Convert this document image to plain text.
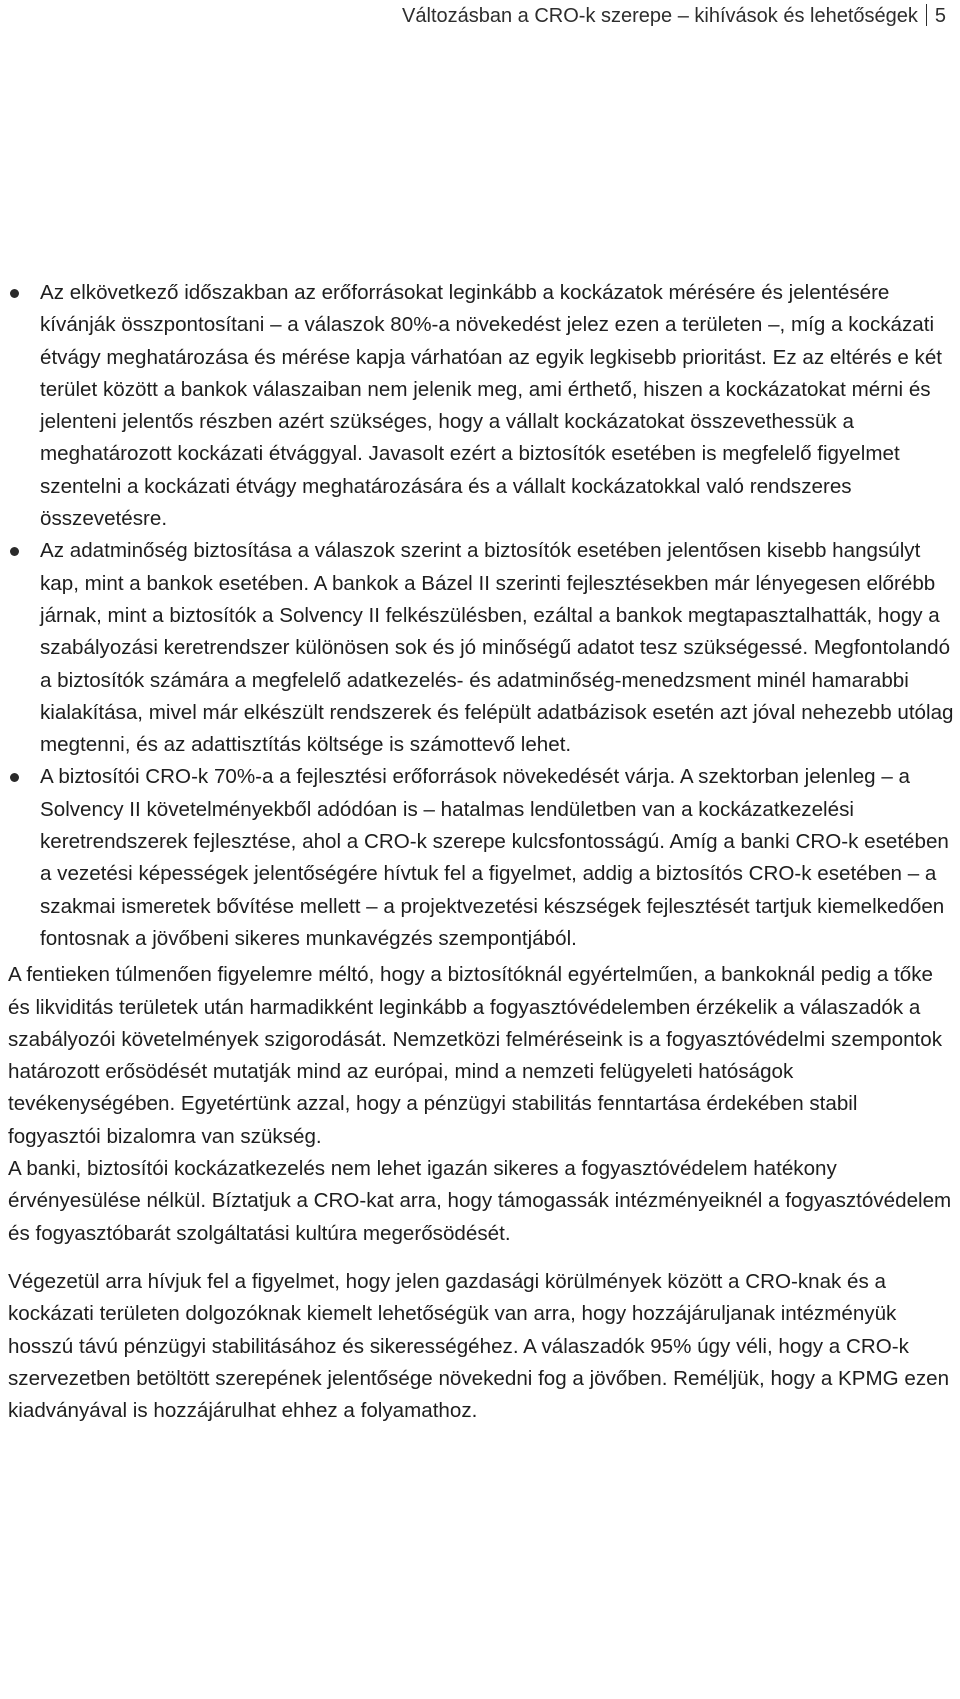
Változásban a CRO-k szerepe – kihívások és lehetőségek 5
Az elkövetkező időszakban az erőforrásokat leginkább a kockázatok mérésére és jelentésére kívánják összpontosítani – a válaszok 80%-a növekedést jelez ezen a területen –, míg a kockázati étvágy meghatározása és mérése kapja várhatóan az egyik legkisebb prioritást. Ez az eltérés e két terület között a bankok válaszaiban nem jelenik meg, ami érthető, hiszen a kockázatokat mérni és jelenteni jelentős részben azért szükséges, hogy a vállalt kockázatokat összevethessük a meghatározott kockázati étvággyal. Javasolt ezért a biztosítók esetében is megfelelő figyelmet szentelni a kockázati étvágy meghatározására és a vállalt kockázatokkal való rendszeres összevetésre.
Az adatminőség biztosítása a válaszok szerint a biztosítók esetében jelentősen kisebb hangsúlyt kap, mint a bankok esetében. A bankok a Bázel II szerinti fejlesztésekben már lényegesen előrébb járnak, mint a biztosítók a Solvency II felkészülésben, ezáltal a bankok megtapasztalhatták, hogy a szabályozási keretrendszer különösen sok és jó minőségű adatot tesz szükségessé. Megfontolandó a biztosítók számára a megfelelő adatkezelés- és adatminőség-menedzsment minél hamarabbi kialakítása, mivel már elkészült rendszerek és felépült adatbázisok esetén azt jóval nehezebb utólag megtenni, és az adattisztítás költsége is számottevő lehet.
A biztosítói CRO-k 70%-a a fejlesztési erőforrások növekedését várja. A szektorban jelenleg – a Solvency II követelményekből adódóan is – hatalmas lendületben van a kockázatkezelési keretrendszerek fejlesztése, ahol a CRO-k szerepe kulcsfontosságú. Amíg a banki CRO-k esetében a vezetési képességek jelentőségére hívtuk fel a figyelmet, addig a biztosítós CRO-k esetében – a szakmai ismeretek bővítése mellett – a projektvezetési készségek fejlesztését tartjuk kiemelkedően fontosnak a jövőbeni sikeres munkavégzés szempontjából.

A fentieken túlmenően figyelemre méltó, hogy a biztosítóknál egyértelműen, a bankoknál pedig a tőke és likviditás területek után harmadikként leginkább a fogyasztóvédelemben érzékelik a válaszadók a szabályozói követelmények szigorodását. Nemzetközi felméréseink is a fogyasztóvédelmi szempontok határozott erősödését mutatják mind az európai, mind a nemzeti felügyeleti hatóságok tevékenységében. Egyetértünk azzal, hogy a pénzügyi stabilitás fenntartása érdekében stabil fogyasztói bizalomra van szükség.

A banki, biztosítói kockázatkezelés nem lehet igazán sikeres a fogyasztóvédelem hatékony érvényesülése nélkül. Bíztatjuk a CRO-kat arra, hogy támogassák intézményeiknél a fogyasztóvédelem és fogyasztóbarát szolgáltatási kultúra megerősödését.

Végezetül arra hívjuk fel a figyelmet, hogy jelen gazdasági körülmények között a CRO-knak és a kockázati területen dolgozóknak kiemelt lehetőségük van arra, hogy hozzájáruljanak intézményük hosszú távú pénzügyi stabilitásához és sikerességéhez. A válaszadók 95% úgy véli, hogy a CRO-k szervezetben betöltött szerepének jelentősége növekedni fog a jövőben. Reméljük, hogy a KPMG ezen kiadványával is hozzájárulhat ehhez a folyamathoz.
